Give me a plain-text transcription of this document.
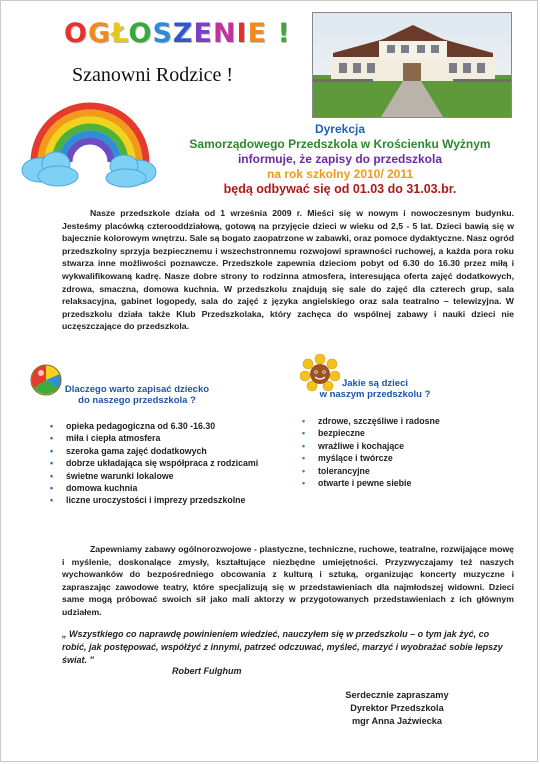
OGŁOSZENIE !
Szanowni Rodzice !
Dyrekcja
Samorządowego Przedszkola w Krościenku Wyżnym
informuje, że zapisy do przedszkola
na rok szkolny 2010/ 2011
będą odbywać się od 01.03 do 31.03.br.
Nasze przedszkole działa od 1 września 2009 r. Mieści się w nowym i nowoczesnym budynku. Jesteśmy placówką czterooddziałową, gotową na przyjęcie dzieci w wieku od 2,5 - 5 lat. Dzieci bawią się w bajecznie kolorowym wnętrzu. Sale są bogato zaopatrzone w zabawki, oraz pomoce dydaktyczne. Nasz ogród przedszkolny sprzyja bezpiecznemu i wszechstronnemu rozwojowi sprawności ruchowej, a każda pora roku stwarza inne możliwości poznawcze. Przedszkole zapewnia dzieciom pobyt od 6.30 do 16.30 przez miłą i wykwalifikowaną kadrę. Nasze dobre strony to rodzinna atmosfera, interesująca oferta zajęć dodatkowych, zdrowa, smaczna, domowa kuchnia. W przedszkolu znajdują się sale do zajęć dla czterech grup, sala relaksacyjna, gabinet logopedy, sala do zajęć z języka angielskiego oraz sala teatralno – telewizyjna. W przedszkolu działa także Klub Przedszkolaka, który zachęca do wspólnej zabawy i nauki dzieci nie uczęszczające do przedszkola.
Dlaczego warto zapisać dziecko
do naszego przedszkola ?
• opieka pedagogiczna od 6.30 -16.30
• miła i ciepła atmosfera
• szeroka gama zajęć dodatkowych
• dobrze układająca się współpraca z rodzicami
• świetne warunki lokalowe
• domowa kuchnia
• liczne uroczystości i imprezy przedszkolne
Jakie są dzieci
w naszym przedszkolu ?
• zdrowe, szczęśliwe i radosne
• bezpieczne
• wrażliwe i kochające
• myślące i twórcze
• tolerancyjne
• otwarte i pewne siebie
Zapewniamy zabawy ogólnorozwojowe - plastyczne, techniczne, ruchowe, teatralne, rozwijające mowę i myślenie, doskonalące zmysły, kształtujące niezbędne umiejętności. Przyzwyczajamy też naszych wychowanków do bezpośredniego obcowania z kulturą i sztuką, organizując koncerty muzyczne i zapraszając zawodowe teatry, które specjalizują się w przedstawieniach dla najmłodszej widowni. Dzieci same mogą próbować swoich sił jako mali aktorzy w przygotowanych przedstawieniach z ich głównym udziałem.
„ Wszystkiego co naprawdę powinieniem wiedzieć, nauczyłem się w przedszkolu – o tym jak żyć, co robić, jak postępować, współżyć z innymi, patrzeć odczuwać, myśleć, marzyć i wyobrażać sobie lepszy świat. ”
Robert Fulghum
Serdecznie zapraszamy
Dyrektor Przedszkola
mgr Anna Jaźwiecka
